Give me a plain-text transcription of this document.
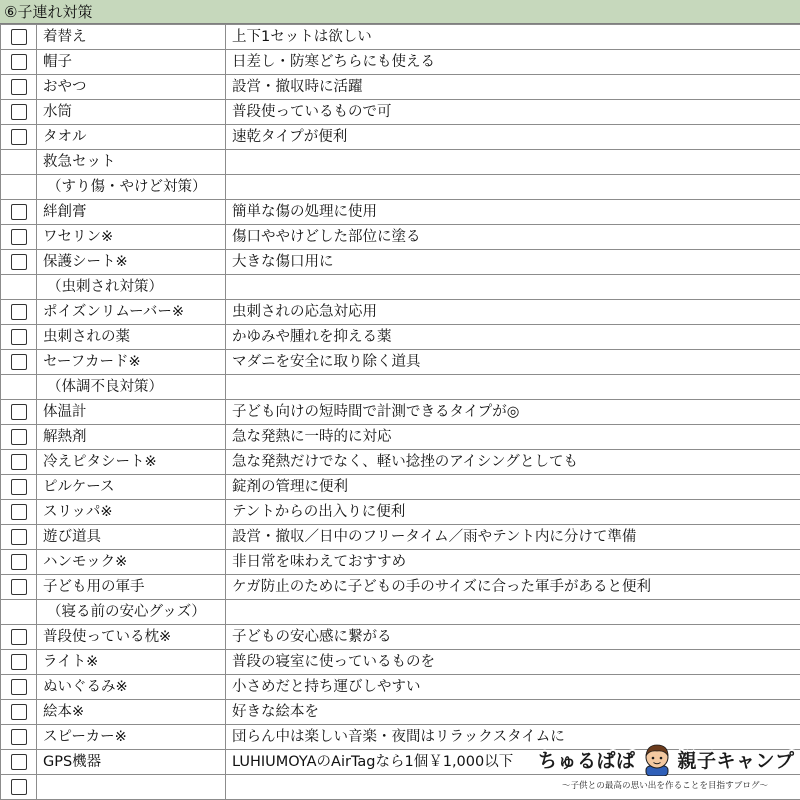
⑥子連れ対策
	着替え	上下1セットは欲しい
	帽子	日差し・防寒どちらにも使える
	おやつ	設営・撤収時に活躍
	水筒	普段使っているもので可
	タオル	速乾タイプが便利
	救急セット	
	（すり傷・やけど対策）	
	絆創膏	簡単な傷の処理に使用
	ワセリン※	傷口ややけどした部位に塗る
	保護シート※	大きな傷口用に
	（虫刺され対策）	
	ポイズンリムーバー※	虫刺されの応急対応用
	虫刺されの薬	かゆみや腫れを抑える薬
	セーフカード※	マダニを安全に取り除く道具
	（体調不良対策）	
	体温計	子ども向けの短時間で計測できるタイプが◎
	解熱剤	急な発熱に一時的に対応
	冷えピタシート※	急な発熱だけでなく、軽い捻挫のアイシングとしても
	ピルケース	錠剤の管理に便利
	スリッパ※	テントからの出入りに便利
	遊び道具	設営・撤収／日中のフリータイム／雨やテント内に分けて準備
	ハンモック※	非日常を味わえておすすめ
	子ども用の軍手	ケガ防止のために子どもの手のサイズに合った軍手があると便利
	（寝る前の安心グッズ）	
	普段使っている枕※	子どもの安心感に繋がる
	ライト※	普段の寝室に使っているものを
	ぬいぐるみ※	小さめだと持ち運びしやすい
	絵本※	好きな絵本を
	スピーカー※	団らん中は楽しい音楽・夜間はリラックスタイムに
	GPS機器	LUHIUMOYAのAirTagなら1個￥1,000以下
		ちゅるぱぱ 親子キャンプ
〜子供との最高の思い出を作ることを目指すブログ〜
